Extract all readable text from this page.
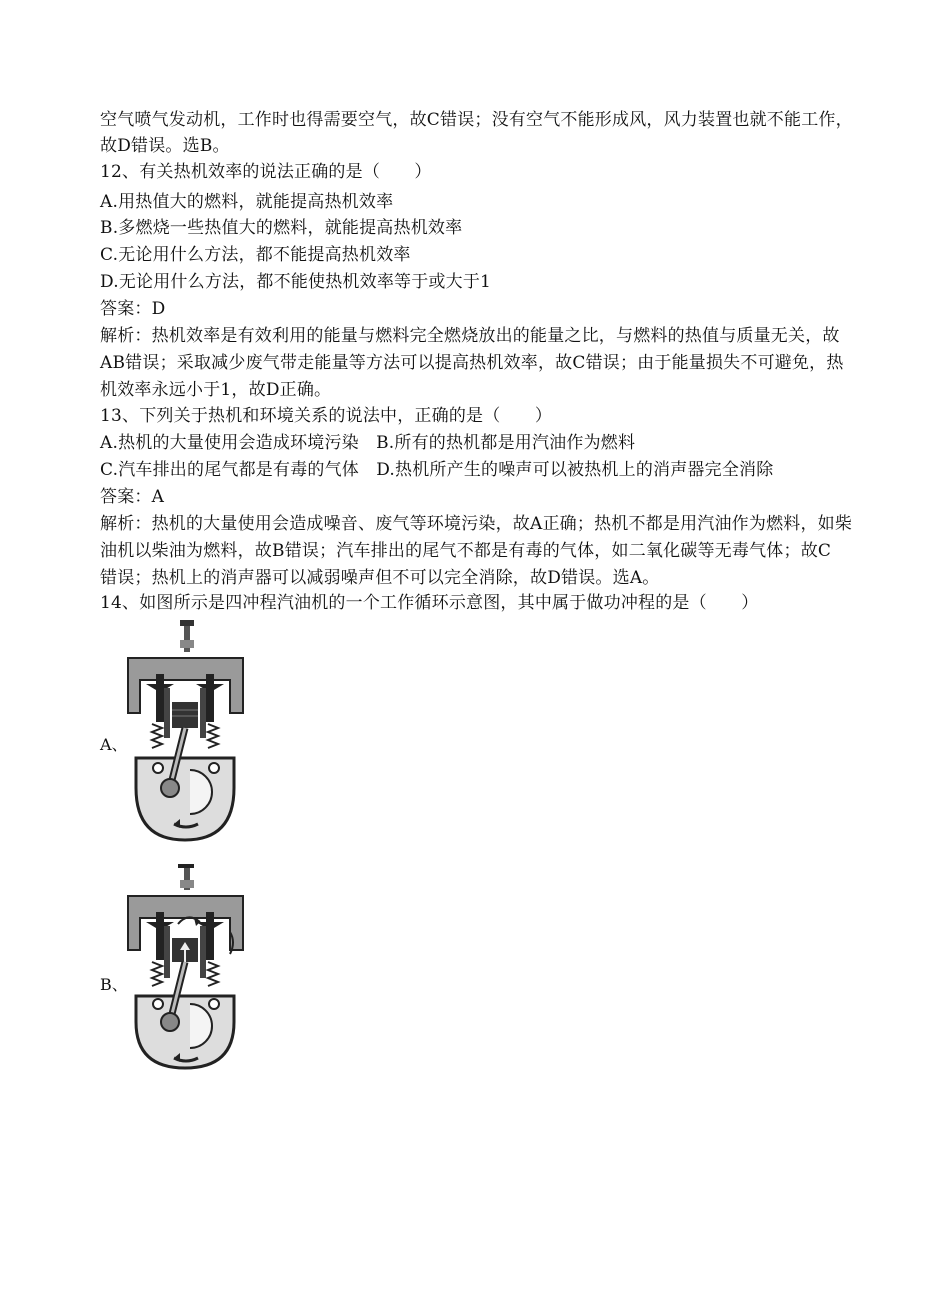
空气喷气发动机，工作时也得需要空气，故C错误；没有空气不能形成风，风力装置也就不能工作，
故D错误。选B。
12、有关热机效率的说法正确的是（　　）
A.用热值大的燃料，就能提高热机效率
B.多燃烧一些热值大的燃料，就能提高热机效率
C.无论用什么方法，都不能提高热机效率
D.无论用什么方法，都不能使热机效率等于或大于1
答案：D
解析：热机效率是有效利用的能量与燃料完全燃烧放出的能量之比，与燃料的热值与质量无关，故
AB错误；采取减少废气带走能量等方法可以提高热机效率，故C错误；由于能量损失不可避免，热
机效率永远小于1，故D正确。
13、下列关于热机和环境关系的说法中，正确的是（　　）
A.热机的大量使用会造成环境污染　B.所有的热机都是用汽油作为燃料
C.汽车排出的尾气都是有毒的气体　D.热机所产生的噪声可以被热机上的消声器完全消除
答案：A
解析：热机的大量使用会造成噪音、废气等环境污染，故A正确；热机不都是用汽油作为燃料，如柴
油机以柴油为燃料，故B错误；汽车排出的尾气不都是有毒的气体，如二氧化碳等无毒气体；故C
错误；热机上的消声器可以减弱噪声但不可以完全消除，故D错误。选A。
14、如图所示是四冲程汽油机的一个工作循环示意图，其中属于做功冲程的是（　　）
A、
B、
